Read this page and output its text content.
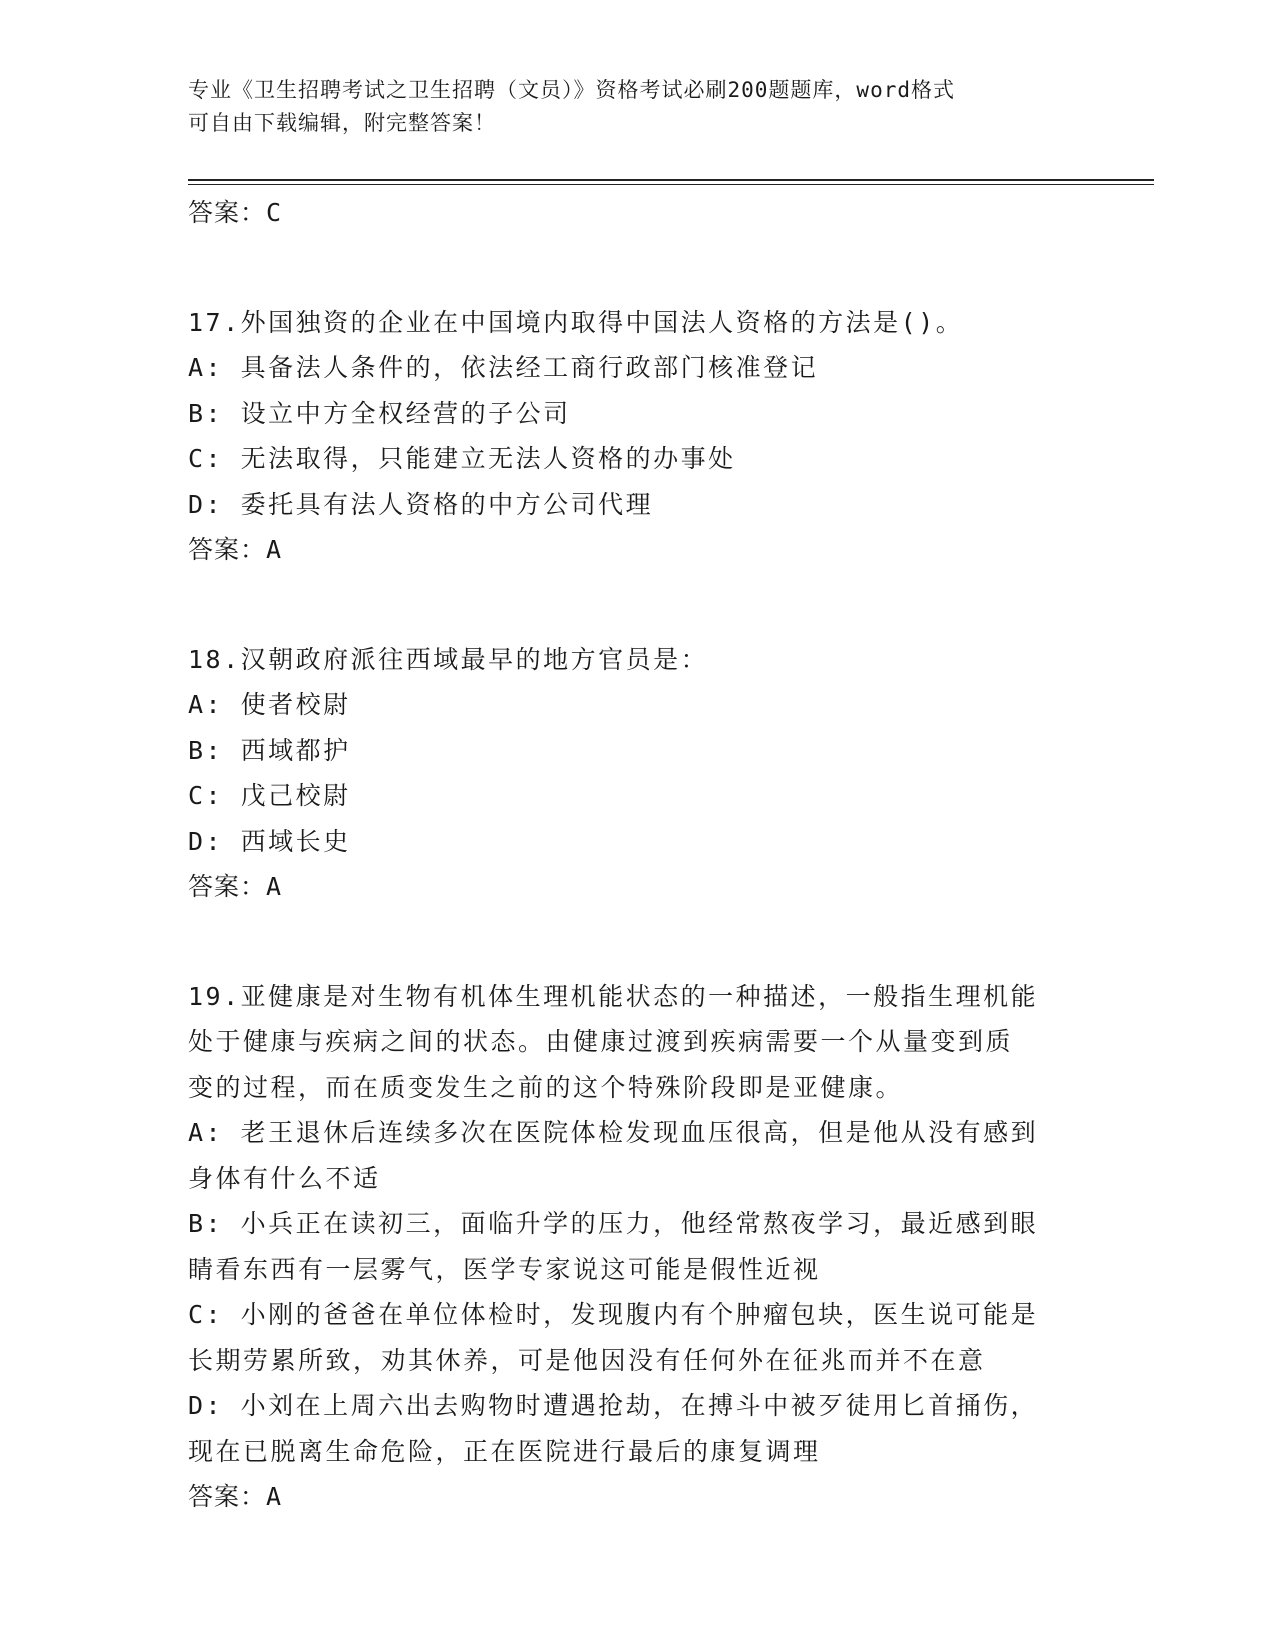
专业《卫生招聘考试之卫生招聘（文员）》资格考试必刷200题题库，word格式
可自由下载编辑，附完整答案！
答案：C
17.外国独资的企业在中国境内取得中国法人资格的方法是()。
A: 具备法人条件的，依法经工商行政部门核准登记
B: 设立中方全权经营的子公司
C: 无法取得，只能建立无法人资格的办事处
D: 委托具有法人资格的中方公司代理
答案：A
18.汉朝政府派往西域最早的地方官员是：
A: 使者校尉
B: 西域都护
C: 戊己校尉
D: 西域长史
答案：A
19.亚健康是对生物有机体生理机能状态的一种描述，一般指生理机能
处于健康与疾病之间的状态。由健康过渡到疾病需要一个从量变到质
变的过程，而在质变发生之前的这个特殊阶段即是亚健康。
A: 老王退休后连续多次在医院体检发现血压很高，但是他从没有感到
身体有什么不适
B: 小兵正在读初三，面临升学的压力，他经常熬夜学习，最近感到眼
睛看东西有一层雾气，医学专家说这可能是假性近视
C: 小刚的爸爸在单位体检时，发现腹内有个肿瘤包块，医生说可能是
长期劳累所致，劝其休养，可是他因没有任何外在征兆而并不在意
D: 小刘在上周六出去购物时遭遇抢劫，在搏斗中被歹徒用匕首捅伤，
现在已脱离生命危险，正在医院进行最后的康复调理
答案：A
